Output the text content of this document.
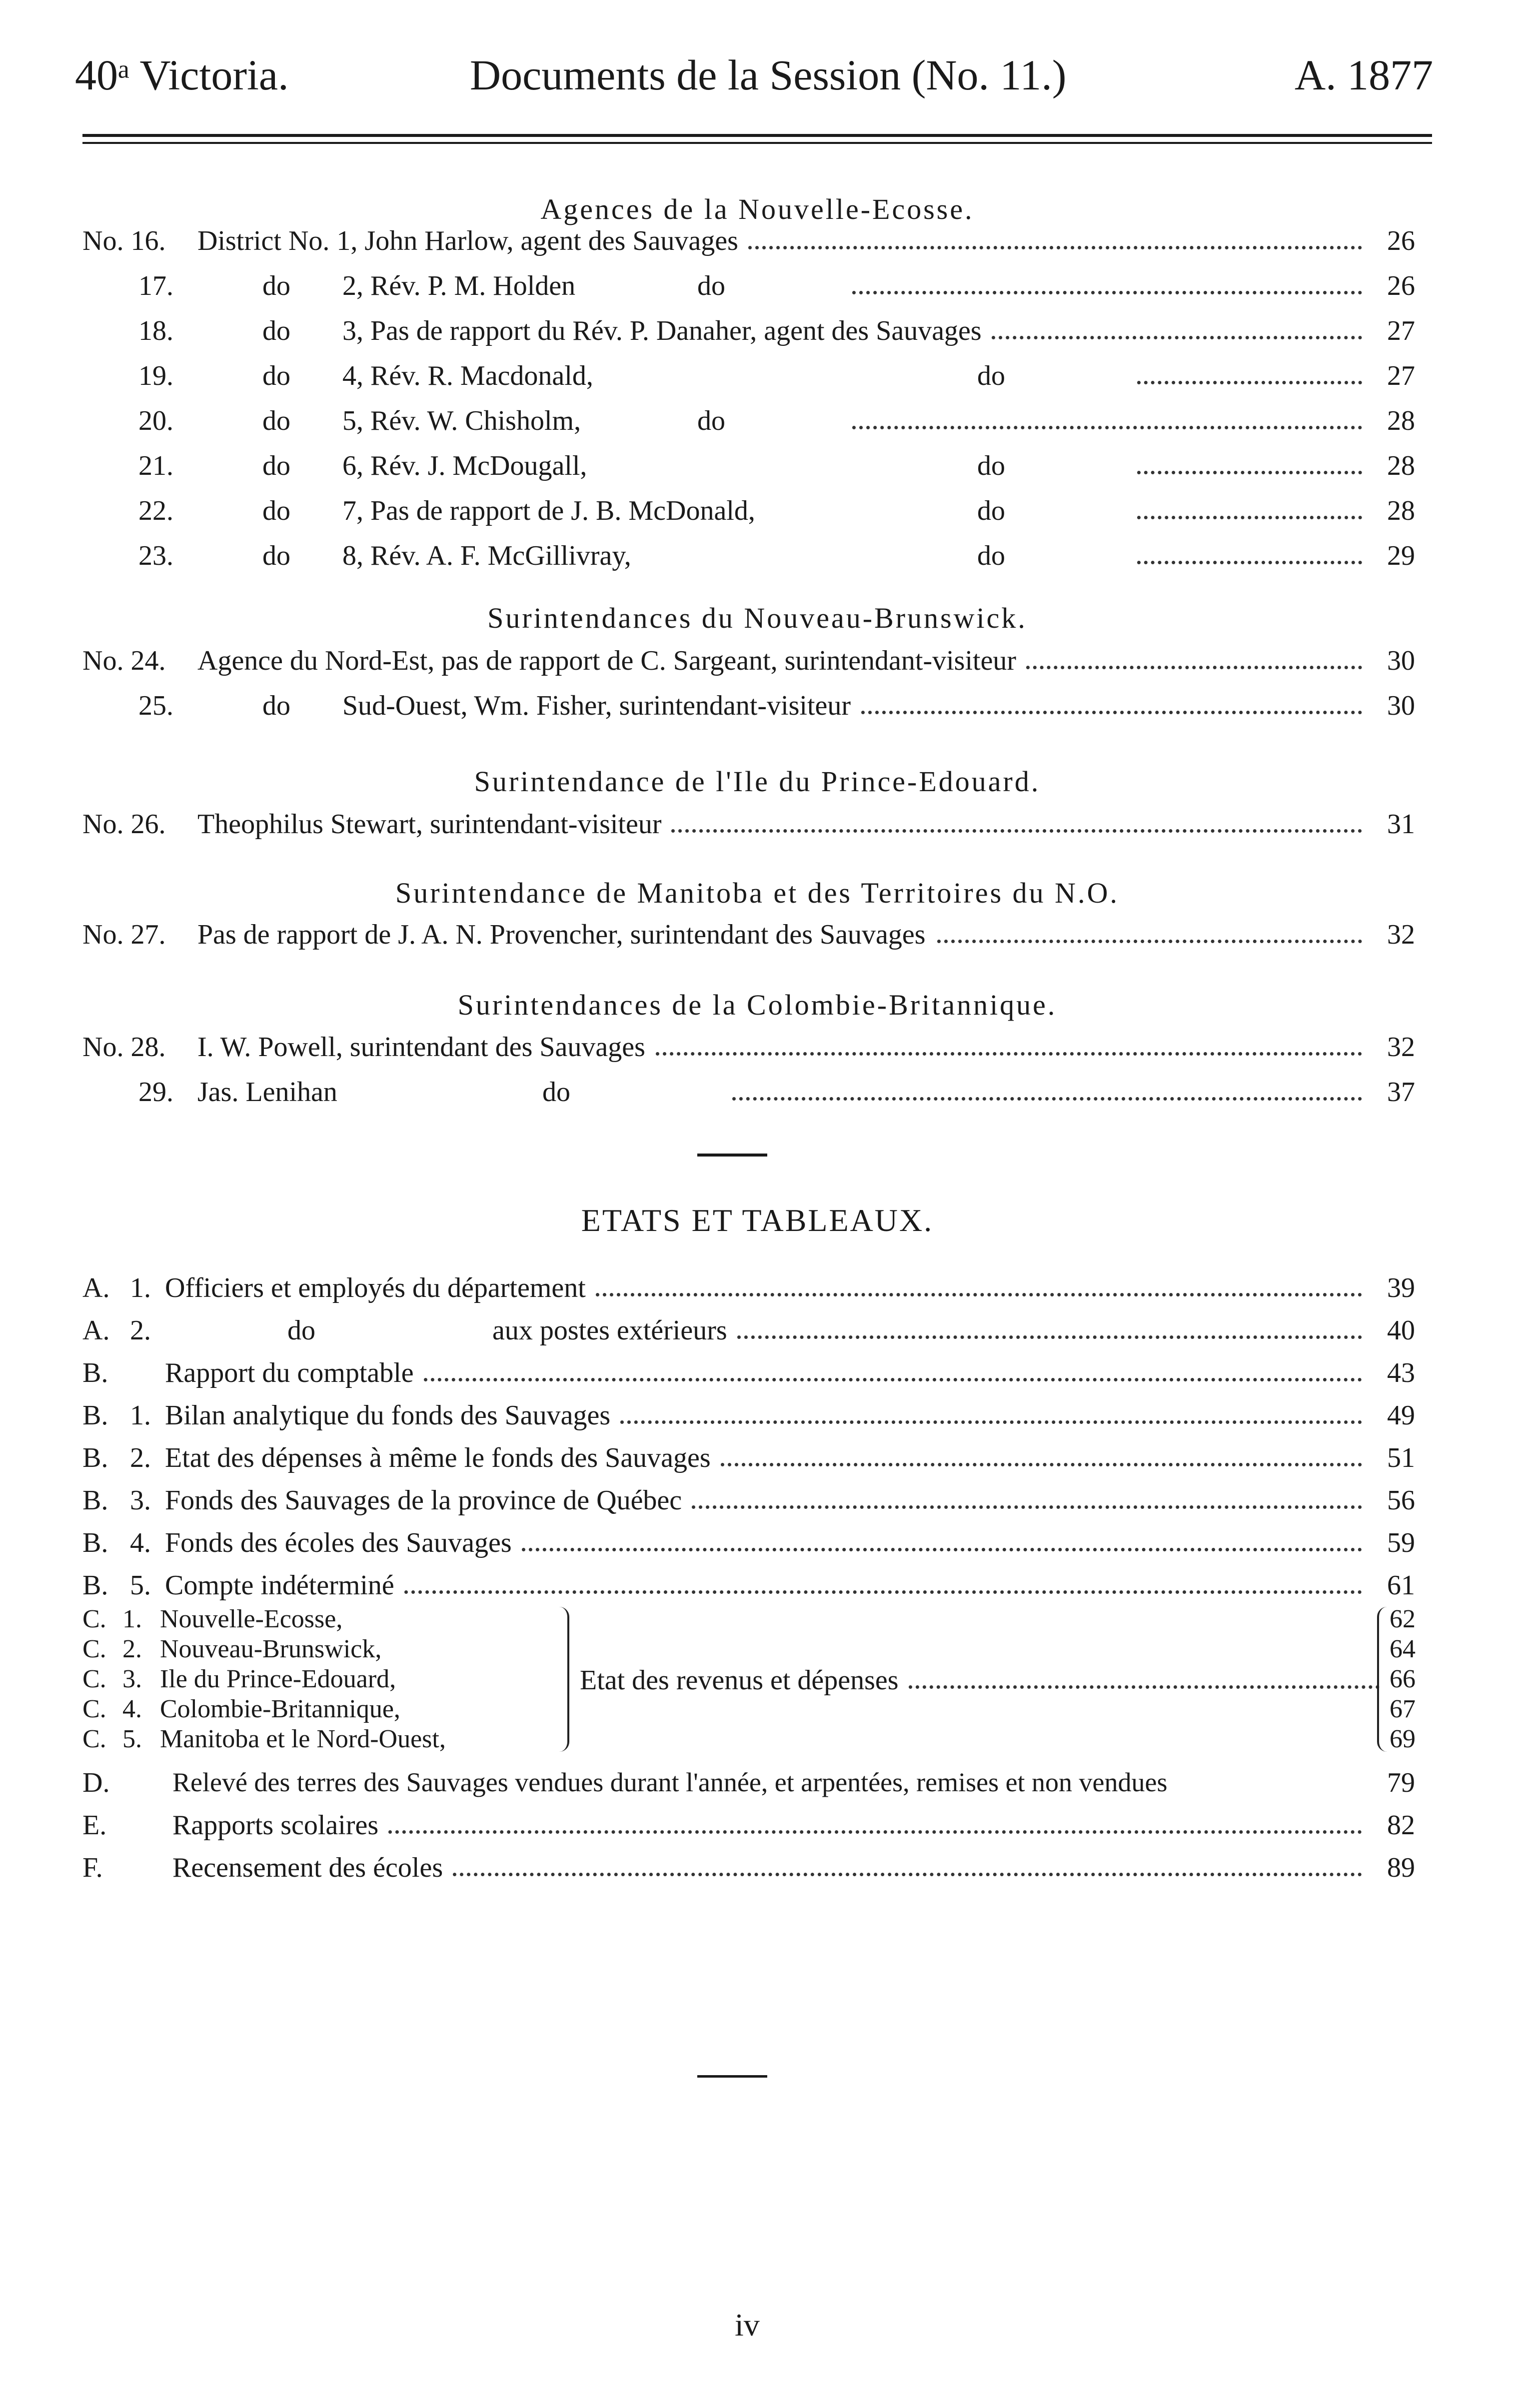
40ᵃ Victoria.	Documents de la Session (No. 11.)	A. 1877
Agences de la Nouvelle-Ecosse.
No. 16. District No. 1, John Harlow, agent des Sauvages	26
17.	do 2, Rév. P. M. Holden	do	26
18.	do 3, Pas de rapport du Rév. P. Danaher, agent des Sauvages	27
19.	do 4, Rév. R. Macdonald,	do	27
20.	do 5, Rév. W. Chisholm,	do	28
21.	do 6, Rév. J. McDougall,	do	28
22.	do 7, Pas de rapport de J. B. McDonald,	do	28
23.	do 8, Rév. A. F. McGillivray,	do	29
Surintendances du Nouveau-Brunswick.
No. 24. Agence du Nord-Est, pas de rapport de C. Sargeant, surintendant-visiteur	30
25.	do Sud-Ouest, Wm. Fisher, surintendant-visiteur	30
Surintendance de l'Ile du Prince-Edouard.
No. 26. Theophilus Stewart, surintendant-visiteur	31
Surintendance de Manitoba et des Territoires du N.O.
No. 27. Pas de rapport de J. A. N. Provencher, surintendant des Sauvages	32
Surintendances de la Colombie-Britannique.
No. 28. I. W. Powell, surintendant des Sauvages	32
29. Jas. Lenihan	do	37
ETATS ET TABLEAUX.
A. 1. Officiers et employés du département	39
A. 2.	do	aux postes extérieurs	40
B. Rapport du comptable	43
B. 1. Bilan analytique du fonds des Sauvages	49
B. 2. Etat des dépenses à même le fonds des Sauvages	51
B. 3. Fonds des Sauvages de la province de Québec	56
B. 4. Fonds des écoles des Sauvages	59
B. 5. Compte indéterminé	61
C. 1. Nouvelle-Ecosse,	62
C. 2. Nouveau-Brunswick,	64
C. 3. Ile du Prince-Edouard,	66
C. 4. Colombie-Britannique,	67
C. 5. Manitoba et le Nord-Ouest,	69
Etat des revenus et dépenses
D. Relevé des terres des Sauvages vendues durant l'année, et arpentées, remises et non vendues	79
E. Rapports scolaires	82
F. Recensement des écoles	89
iv
